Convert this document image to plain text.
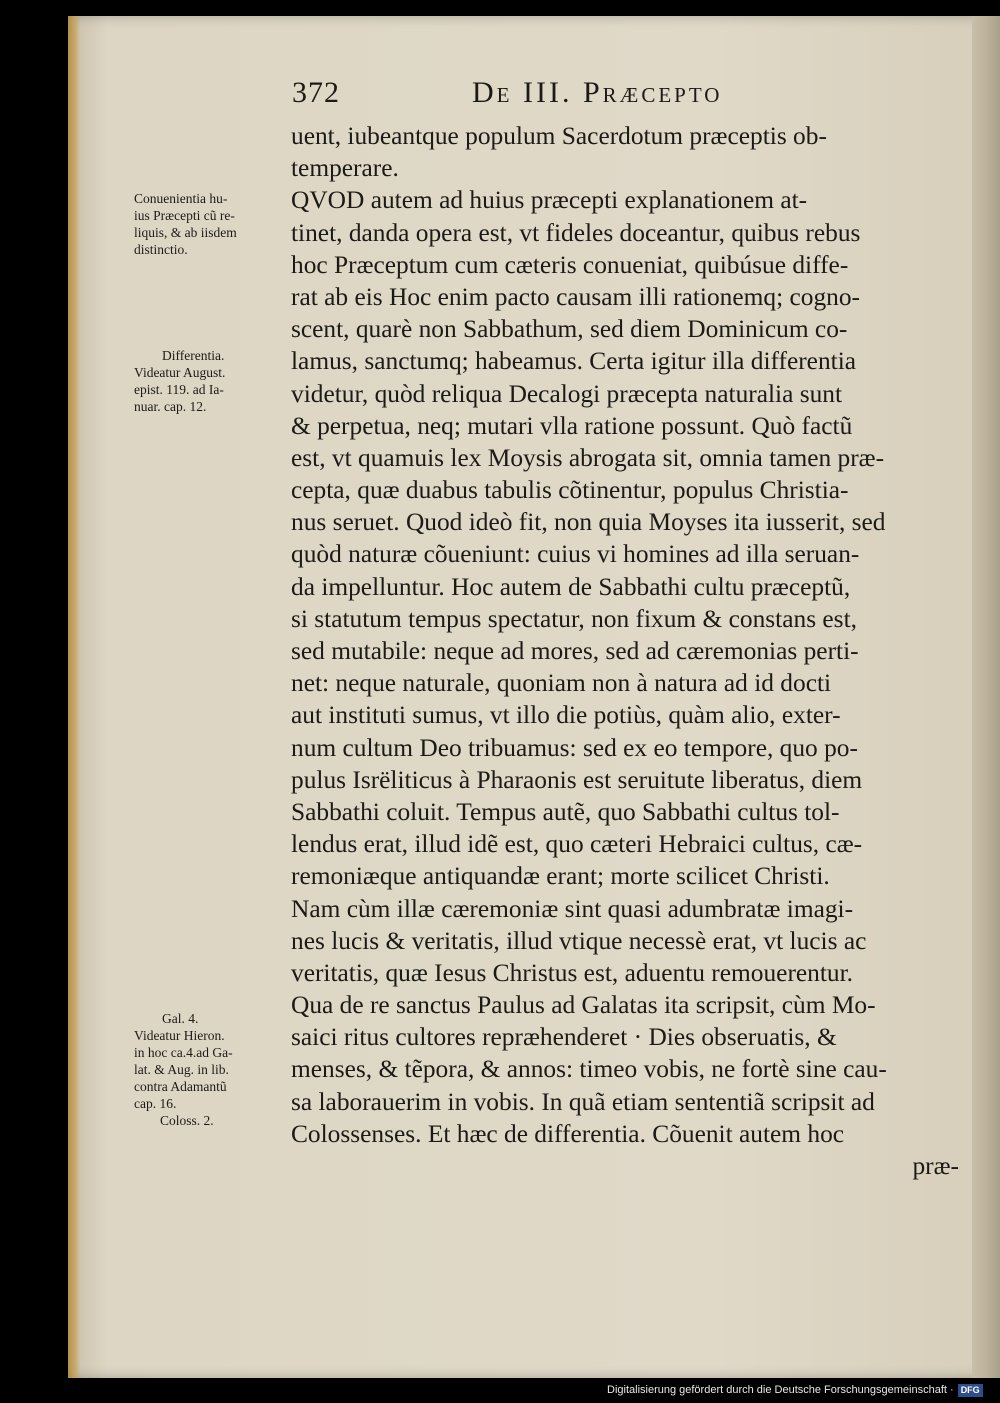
372	De III. Præcepto
Conuenientia hu-
ius Præcepti cũ re-
liquis, & ab iisdem
distinctio.
Differentia.
Videatur August.
epist. 119. ad Ia-
nuar. cap. 12.
Gal. 4.
Videatur Hieron.
in hoc ca.4.ad Ga-
lat. & Aug. in lib.
contra Adamantũ
cap. 16.
Coloss. 2.
uent, iubeantque populum Sacerdotum præceptis ob-
temperare.
QVOD autem ad huius præcepti explanationem at-
tinet, danda opera est, vt fideles doceantur, quibus rebus
hoc Præceptum cum cæteris conueniat, quibúsue diffe-
rat ab eis Hoc enim pacto causam illi rationemq; cogno-
scent, quarè non Sabbathum, sed diem Dominicum co-
lamus, sanctumq; habeamus. Certa igitur illa differentia
videtur, quòd reliqua Decalogi præcepta naturalia sunt
& perpetua, neq; mutari vlla ratione possunt. Quò factũ
est, vt quamuis lex Moysis abrogata sit, omnia tamen præ-
cepta, quæ duabus tabulis cõtinentur, populus Christia-
nus seruet. Quod ideò fit, non quia Moyses ita iusserit, sed
quòd naturæ cõueniunt: cuius vi homines ad illa seruan-
da impelluntur. Hoc autem de Sabbathi cultu præceptũ,
si statutum tempus spectatur, non fixum & constans est,
sed mutabile: neque ad mores, sed ad cæremonias perti-
net: neque naturale, quoniam non à natura ad id docti
aut instituti sumus, vt illo die potiùs, quàm alio, exter-
num cultum Deo tribuamus: sed ex eo tempore, quo po-
pulus Isrëliticus à Pharaonis est seruitute liberatus, diem
Sabbathi coluit. Tempus autẽ, quo Sabbathi cultus tol-
lendus erat, illud idẽ est, quo cæteri Hebraici cultus, cæ-
remoniæque antiquandæ erant; morte scilicet Christi.
Nam cùm illæ cæremoniæ sint quasi adumbratæ imagi-
nes lucis & veritatis, illud vtique necessè erat, vt lucis ac
veritatis, quæ Iesus Christus est, aduentu remouerentur.
Qua de re sanctus Paulus ad Galatas ita scripsit, cùm Mo-
saici ritus cultores repræhenderet · Dies obseruatis, &
menses, & tẽpora, & annos: timeo vobis, ne fortè sine cau-
sa laborauerim in vobis. In quã etiam sententiã scripsit ad
Colossenses. Et hæc de differentia. Cõuenit autem hoc
præ-
Digitalisierung gefördert durch die Deutsche Forschungsgemeinschaft · DFG
